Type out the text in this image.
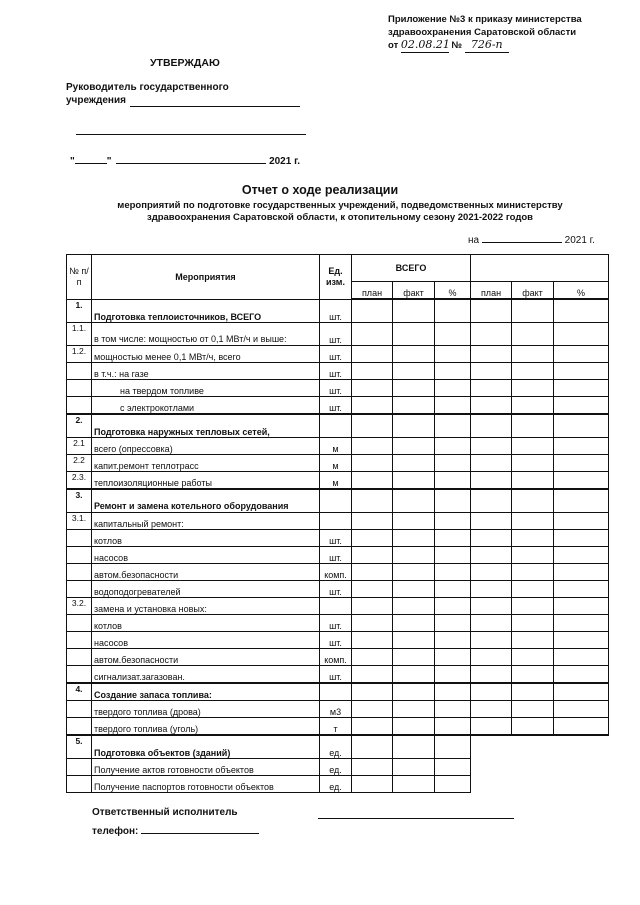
Приложение №3 к приказу министерства
здравоохранения Саратовской области
от 02.08.21 № 726-п
УТВЕРЖДАЮ
Руководитель государственного
учреждения
"	"	2021 г.
Отчет о ходе реализации
мероприятий по подготовке государственных учреждений, подведомственных министерству
здравоохранения Саратовской области, к отопительному сезону 2021-2022 годов
на	2021 г.
№ п/п	Мероприятия	Ед. изм.	ВСЕГО					
			план	факт	%	план	факт	%
1.	Подготовка теплоисточников, ВСЕГО	шт.						
1.1.	в том числе: мощностью от 0,1 МВт/ч и выше:	шт.						
1.2.	мощностью менее 0,1 МВт/ч, всего	шт.						
	в т.ч.: на газе	шт.						
	на твердом топливе	шт.						
	с электрокотлами	шт.						
2.	Подготовка наружных тепловых сетей,							
2.1	всего (опрессовка)	м						
2.2	капит.ремонт теплотрасс	м						
2.3.	теплоизоляционные работы	м						
3.	Ремонт и замена котельного оборудования							
3.1.	капитальный ремонт:							
	котлов	шт.						
	насосов	шт.						
	автом.безопасности	комп.						
	водоподогревателей	шт.						
3.2.	замена и установка новых:							
	котлов	шт.						
	насосов	шт.						
	автом.безопасности	комп.						
	сигнализат.загазован.	шт.						
4.	Создание запаса топлива:							
	твердого топлива (дрова)	м3						
	твердого топлива (уголь)	т						
5.	Подготовка объектов (зданий)	ед.						
	Получение актов готовности объектов	ед.						
	Получение паспортов готовности объектов	ед.						
Ответственный исполнитель
телефон:
